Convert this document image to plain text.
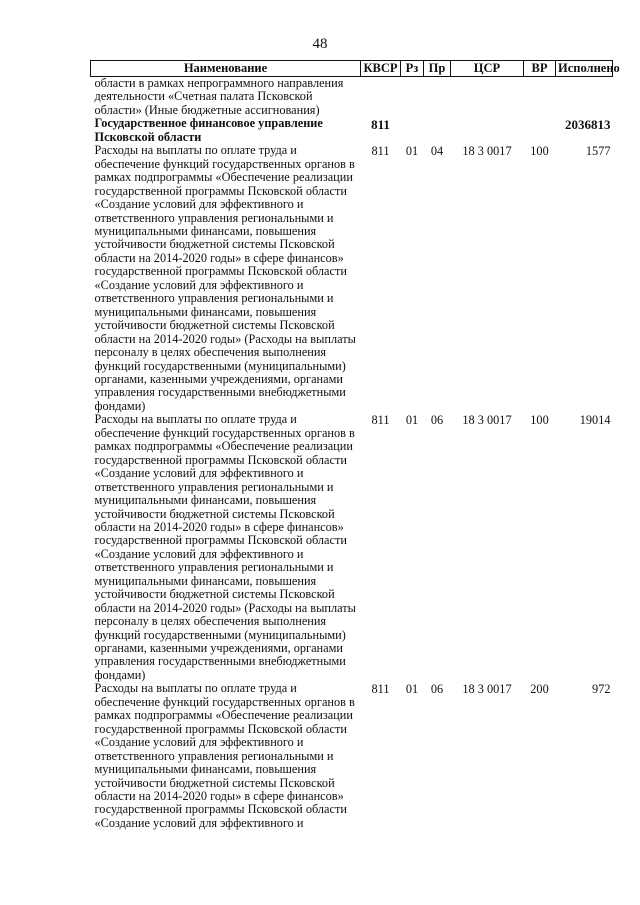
48
Наименование	КВСР	Рз	Пр	ЦСР	ВР	Исполнено
области в рамках непрограммного направления деятельности «Счетная палата Псковской области» (Иные бюджетные ассигнования)						
Государственное финансовое управление Псковской области	811					2036813
Расходы на выплаты по оплате труда и обеспечение функций государственных органов в рамках подпрограммы «Обеспечение реализации государственной программы Псковской области «Создание условий для эффективного и ответственного управления региональными и муниципальными финансами, повышения устойчивости бюджетной системы Псковской области на 2014-2020 годы» в сфере финансов» государственной программы Псковской области «Создание условий для эффективного и ответственного управления региональными и муниципальными финансами, повышения устойчивости бюджетной системы Псковской области на 2014-2020 годы» (Расходы на выплаты персоналу в целях обеспечения выполнения функций государственными (муниципальными) органами, казенными учреждениями, органами управления государственными внебюджетными фондами)	811	01	04	18 3 0017	100	1577
Расходы на выплаты по оплате труда и обеспечение функций государственных органов в рамках подпрограммы «Обеспечение реализации государственной программы Псковской области «Создание условий для эффективного и ответственного управления региональными и муниципальными финансами, повышения устойчивости бюджетной системы Псковской области на 2014-2020 годы» в сфере финансов» государственной программы Псковской области «Создание условий для эффективного и ответственного управления региональными и муниципальными финансами, повышения устойчивости бюджетной системы Псковской области на 2014-2020 годы» (Расходы на выплаты персоналу в целях обеспечения выполнения функций государственными (муниципальными) органами, казенными учреждениями, органами управления государственными внебюджетными фондами)	811	01	06	18 3 0017	100	19014
Расходы на выплаты по оплате труда и обеспечение функций государственных органов в рамках подпрограммы «Обеспечение реализации государственной программы Псковской области «Создание условий для эффективного и ответственного управления региональными и муниципальными финансами, повышения устойчивости бюджетной системы Псковской области на 2014-2020 годы» в сфере финансов» государственной программы Псковской области «Создание условий для эффективного и	811	01	06	18 3 0017	200	972
